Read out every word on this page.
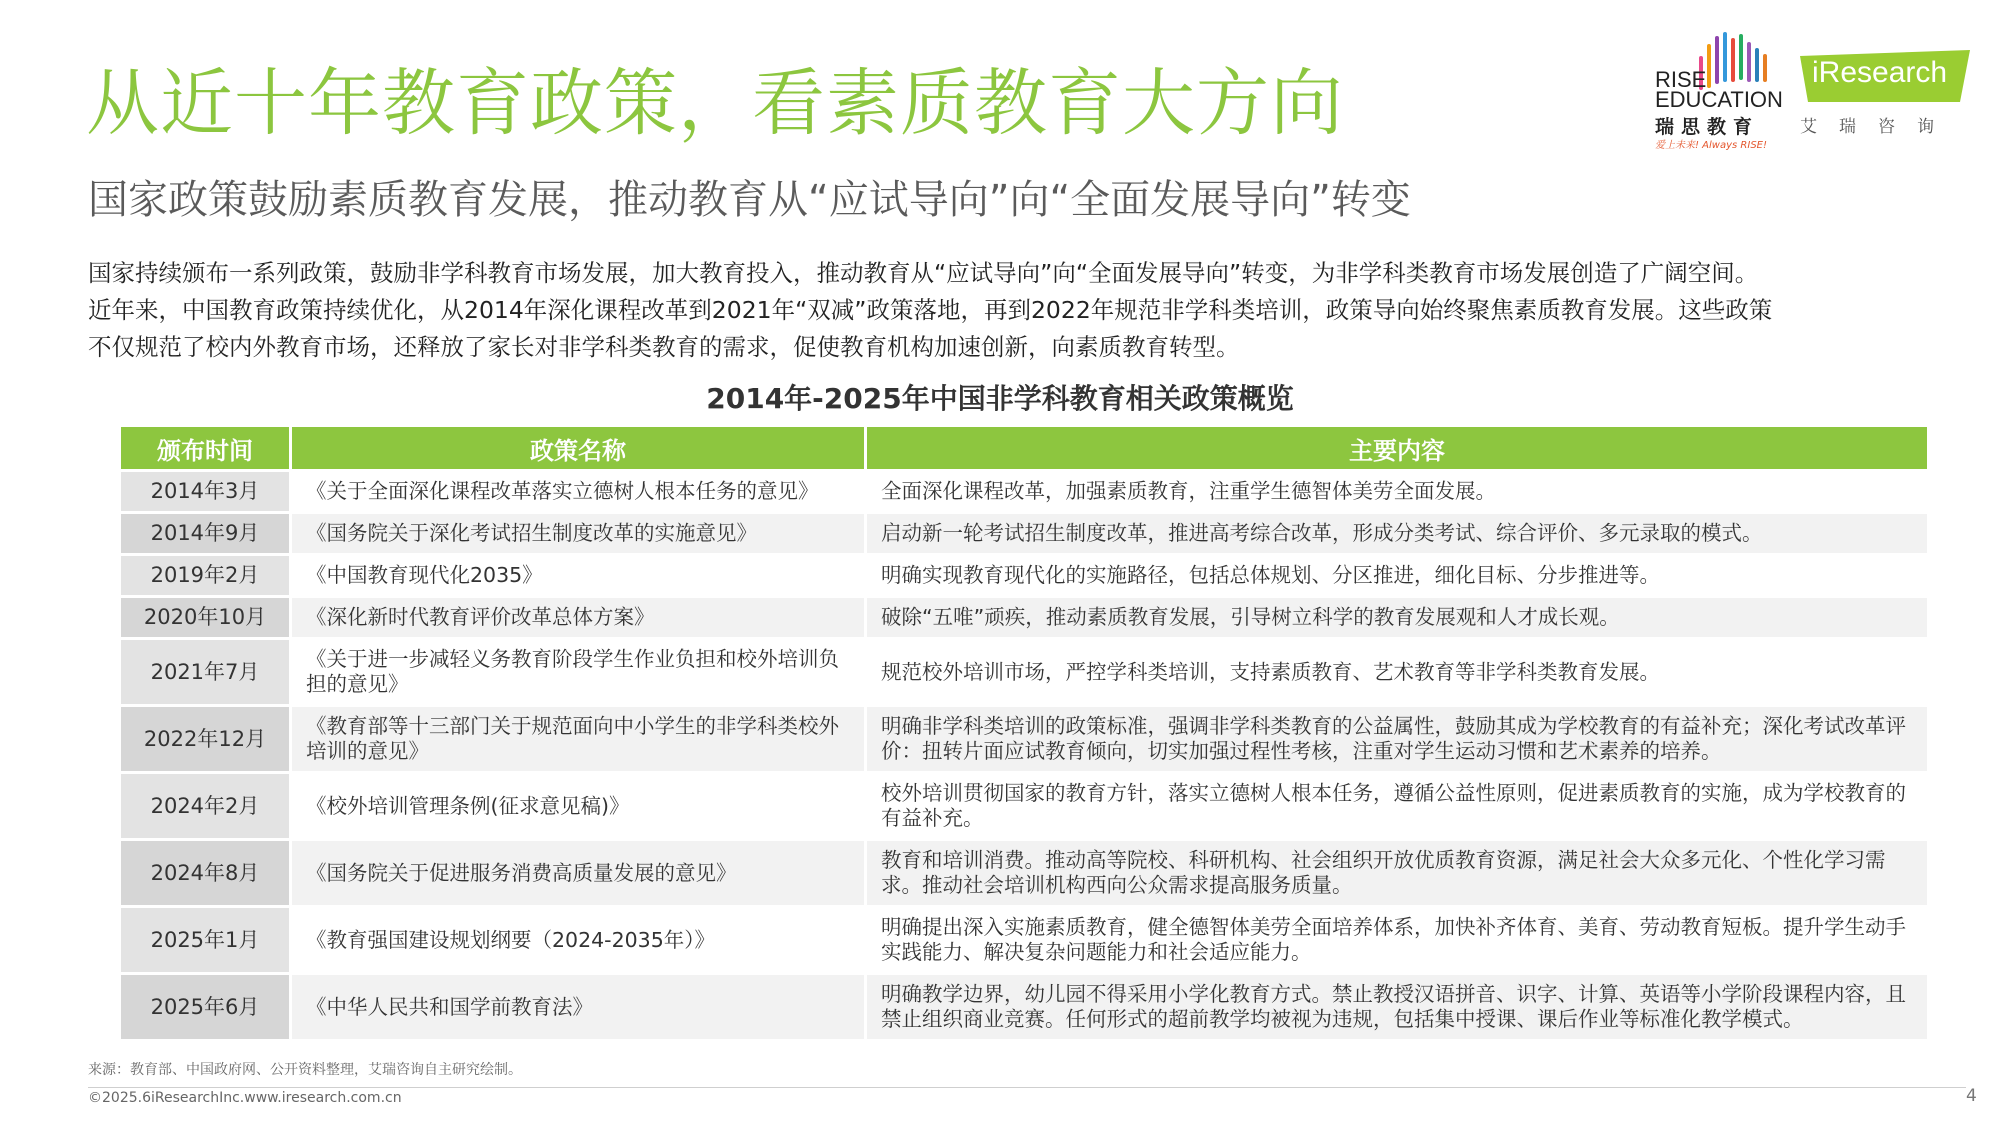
从近十年教育政策，看素质教育大方向
国家政策鼓励素质教育发展，推动教育从“应试导向”向“全面发展导向”转变
RISE
EDUCATION
瑞思教育
爱上未来! Always RISE!
iResearch
艾瑞咨询

国家持续颁布一系列政策，鼓励非学科教育市场发展，加大教育投入，推动教育从“应试导向”向“全面发展导向”转变，为非学科类教育市场发展创造了广阔空间。

近年来，中国教育政策持续优化，从2014年深化课程改革到2021年“双减”政策落地，再到2022年规范非学科类培训，政策导向始终聚焦素质教育发展。这些政策

不仅规范了校内外教育市场，还释放了家长对非学科类教育的需求，促使教育机构加速创新，向素质教育转型。

2014年-2025年中国非学科教育相关政策概览
颁布时间	政策名称	主要内容
2014年3月	《关于全面深化课程改革落实立德树人根本任务的意见》	全面深化课程改革，加强素质教育，注重学生德智体美劳全面发展。
2014年9月	《国务院关于深化考试招生制度改革的实施意见》	启动新一轮考试招生制度改革，推进高考综合改革，形成分类考试、综合评价、多元录取的模式。
2019年2月	《中国教育现代化2035》	明确实现教育现代化的实施路径，包括总体规划、分区推进，细化目标、分步推进等。
2020年10月	《深化新时代教育评价改革总体方案》	破除“五唯”顽疾，推动素质教育发展，引导树立科学的教育发展观和人才成长观。
2021年7月	《关于进一步减轻义务教育阶段学生作业负担和校外培训负担的意见》	规范校外培训市场，严控学科类培训，支持素质教育、艺术教育等非学科类教育发展。
2022年12月	《教育部等十三部门关于规范面向中小学生的非学科类校外培训的意见》	明确非学科类培训的政策标准，强调非学科类教育的公益属性，鼓励其成为学校教育的有益补充；深化考试改革评价：扭转片面应试教育倾向，切实加强过程性考核，注重对学生运动习惯和艺术素养的培养。
2024年2月	《校外培训管理条例(征求意见稿)》	校外培训贯彻国家的教育方针，落实立德树人根本任务，遵循公益性原则，促进素质教育的实施，成为学校教育的有益补充。
2024年8月	《国务院关于促进服务消费高质量发展的意见》	教育和培训消费。推动高等院校、科研机构、社会组织开放优质教育资源，满足社会大众多元化、个性化学习需求。推动社会培训机构西向公众需求提高服务质量。
2025年1月	《教育强国建设规划纲要（2024-2035年）》	明确提出深入实施素质教育，健全德智体美劳全面培养体系，加快补齐体育、美育、劳动教育短板。提升学生动手实践能力、解决复杂问题能力和社会适应能力。
2025年6月	《中华人民共和国学前教育法》	明确教学边界，幼儿园不得采用小学化教育方式。禁止教授汉语拼音、识字、计算、英语等小学阶段课程内容，且禁止组织商业竞赛。任何形式的超前教学均被视为违规，包括集中授课、课后作业等标准化教学模式。
来源：教育部、中国政府网、公开资料整理，艾瑞咨询自主研究绘制。
©2025.6iResearchInc.www.iresearch.com.cn	4
